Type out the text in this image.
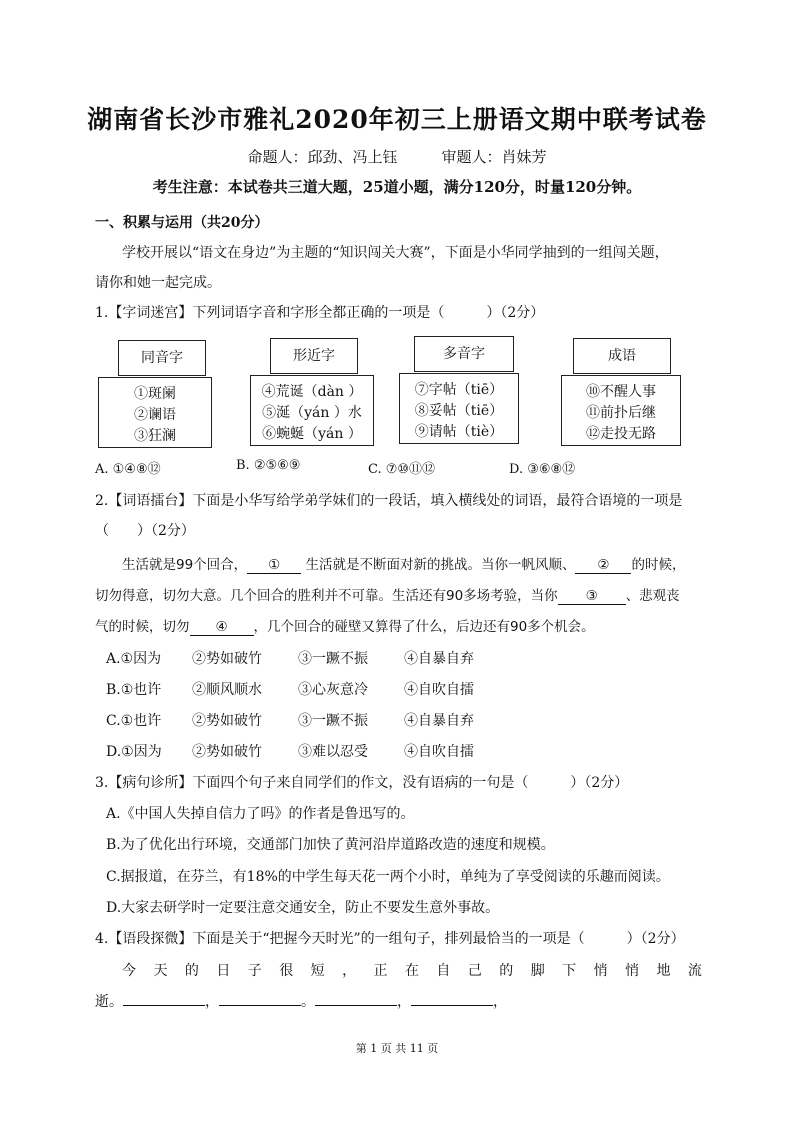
湖南省长沙市雅礼2020年初三上册语文期中联考试卷
命题人：邱劲、冯上钰	审题人：肖妹芳
考生注意：本试卷共三道大题，25道小题，满分120分，时量120分钟。
一、积累与运用（共20分）
学校开展以“语文在身边”为主题的“知识闯关大赛”，下面是小华同学抽到的一组闯关题，
请你和她一起完成。
1.【字词迷宫】下列词语字音和字形全都正确的一项是（　　　）（2分）
同音字
①斑阑
②谰语
③狂澜
形近字
④荒诞（dàn ）
⑤涎（yán ）水
⑥蜿蜒（yán ）
多音字
⑦字帖（tiē）
⑧妥帖（tiē）
⑨请帖（tiè）
成语
⑩不醒人事
⑪前扑后继
⑫走投无路
A. ①④⑧⑫	B. ②⑤⑥⑨	C. ⑦⑩⑪⑫	D. ③⑥⑧⑫
2.【词语擂台】下面是小华写给学弟学妹们的一段话，填入横线处的词语，最符合语境的一项是
（　　）（2分）
生活就是99个回合， ① 生活就是不断面对新的挑战。当你一帆风顺、 ② 的时候，
切勿得意，切勿大意。几个回合的胜利并不可靠。生活还有90多场考验，当你 ③ 、悲观丧
气的时候，切勿 ④ ，几个回合的碰壁又算得了什么，后边还有90多个机会。
A.①因为 ②势如破竹	③一蹶不振	④自暴自弃
B.①也许 ②顺风顺水	③心灰意冷	④自吹自擂
C.①也许 ②势如破竹	③一蹶不振	④自暴自弃
D.①因为 ②势如破竹	③难以忍受	④自吹自擂
3.【病句诊所】下面四个句子来自同学们的作文，没有语病的一句是（　　　）（2分）
A.《中国人失掉自信力了吗》的作者是鲁迅写的。
B.为了优化出行环境，交通部门加快了黄河沿岸道路改造的速度和规模。
C.据报道，在芬兰，有18%的中学生每天花一两个小时，单纯为了享受阅读的乐趣而阅读。
D.大家去研学时一定要注意交通安全，防止不要发生意外事故。
4.【语段探微】下面是关于“把握今天时光”的一组句子，排列最恰当的一项是（　　　）（2分）
今 天 的 日 子 很 短 ， 正 在 自 己 的 脚 下 悄 悄 地 流
逝。	，	。	，	，
第 1 页 共 11 页
